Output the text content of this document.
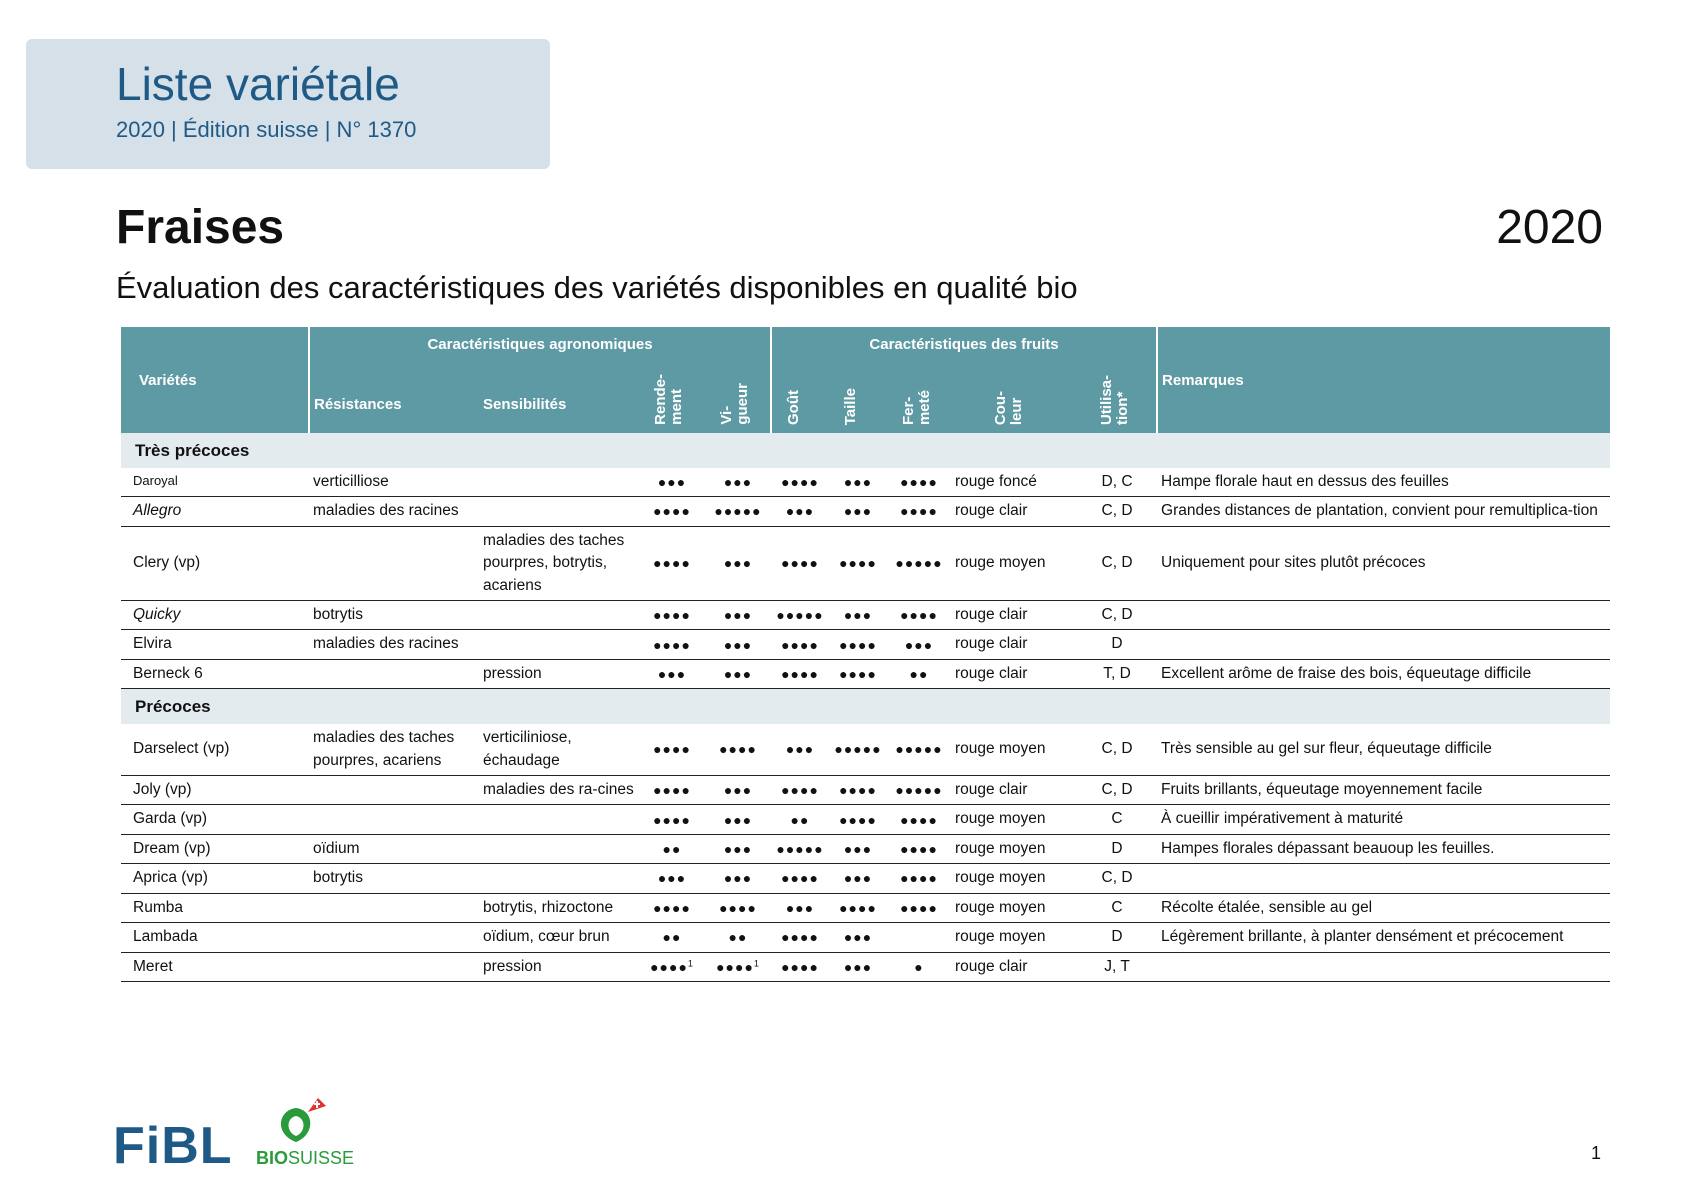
Liste variétale
2020 | Édition suisse | N° 1370
Fraises	2020
Évaluation des caractéristiques des variétés disponibles en qualité bio
Variétés	Caractéristiques agronomiques				Caractéristiques des fruits					Remarques
	Résistances	Sensibilités	Rende-
ment	Vi-
gueur	Goût	Taille	Fer-
meté	Cou-
leur	Utilisa-
tion*	
Très précoces										
Daroyal	verticilliose		●●●	●●●	●●●●	●●●	●●●●	rouge foncé	D, C	Hampe florale haut en dessus des feuilles
Allegro	maladies des racines		●●●●	●●●●●	●●●	●●●	●●●●	rouge clair	C, D	Grandes distances de plantation, convient pour remultiplica-tion
Clery (vp)		maladies des taches pourpres, botrytis, acariens	●●●●	●●●	●●●●	●●●●	●●●●●	rouge moyen	C, D	Uniquement pour sites plutôt précoces
Quicky	botrytis		●●●●	●●●	●●●●●	●●●	●●●●	rouge clair	C, D	
Elvira	maladies des racines		●●●●	●●●	●●●●	●●●●	●●●	rouge clair	D	
Berneck 6		pression	●●●	●●●	●●●●	●●●●	●●	rouge clair	T, D	Excellent arôme de fraise des bois, équeutage difficile
Précoces										
Darselect (vp)	maladies des taches pourpres, acariens	verticiliniose, échaudage	●●●●	●●●●	●●●	●●●●●	●●●●●	rouge moyen	C, D	Très sensible au gel sur fleur, équeutage difficile
Joly (vp)		maladies des ra-cines	●●●●	●●●	●●●●	●●●●	●●●●●	rouge clair	C, D	Fruits brillants, équeutage moyennement facile
Garda (vp)			●●●●	●●●	●●	●●●●	●●●●	rouge moyen	C	À cueillir impérativement à maturité
Dream (vp)	oïdium		●●	●●●	●●●●●	●●●	●●●●	rouge moyen	D	Hampes florales dépassant beauoup les feuilles.
Aprica (vp)	botrytis		●●●	●●●	●●●●	●●●	●●●●	rouge moyen	C, D	
Rumba		botrytis, rhizoctone	●●●●	●●●●	●●●	●●●●	●●●●	rouge moyen	C	Récolte étalée, sensible au gel
Lambada		oïdium, cœur brun	●●	●●	●●●●	●●●		rouge moyen	D	Légèrement brillante, à planter densément et précocement
Meret		pression	●●●●$^1$	●●●●$^1$	●●●●	●●●	●	rouge clair	J, T	
FiBL BIOSUISSE	1
